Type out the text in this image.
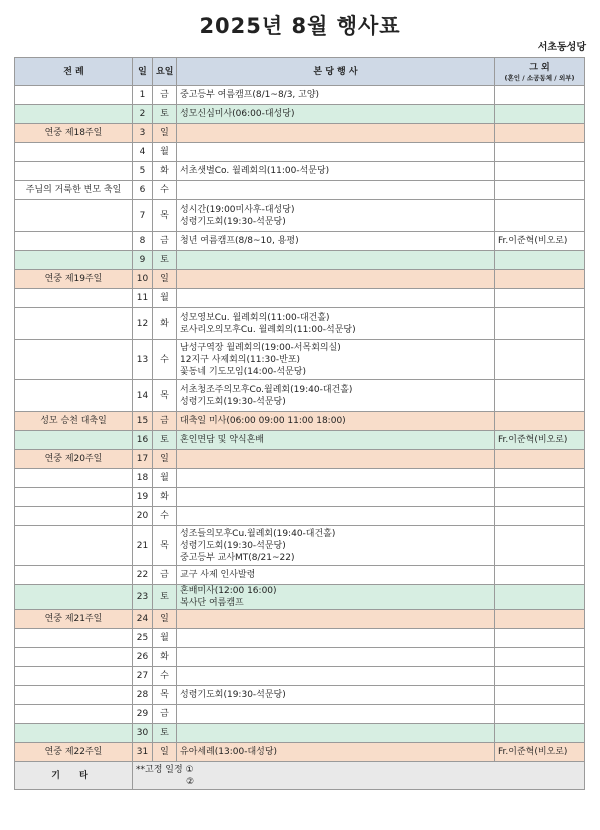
2025년 8월 행사표
서초동성당
전 례	일	요일	본 당 행 사	그 외
(혼인 / 소공동체 / 외부)

	1	금	중고등부 여름캠프(8/1~8/3, 고양)	

	2	토	성모신심미사(06:00-대성당)	

연중 제18주일	3	일		
	4	월		
	5	화	서초샛별Co. 월례회의(11:00-석문당)	

주님의 거룩한 변모 축일	6	수		
	7	목	성시간(19:00미사후-대성당)
성령기도회(19:30-석문당)	

	8	금	청년 여름캠프(8/8~10, 용평)	Fr.이준혁(비오로)
	9	토		
연중 제19주일	10	일		
	11	월		
	12	화	성모영보Cu. 월례회의(11:00-대건홀)
로사리오의모후Cu. 월례회의(11:00-석문당)	

	13	수	남성구역장 월례회의(19:00-서목회의실)
12지구 사제회의(11:30-반포)
꽃동네 기도모임(14:00-석문당)	

	14	목	서초청조주의모후Co.월례회(19:40-대건홀)
성령기도회(19:30-석문당)	

성모 승천 대축일	15	금	대축일 미사(06:00 09:00 11:00 18:00)	

	16	토	혼인면담 및 약식혼배	Fr.이준혁(비오로)
연중 제20주일	17	일		
	18	월		
	19	화		
	20	수		
	21	목	성조들의모후Cu.월례회(19:40-대건홀)
성령기도회(19:30-석문당)
중고등부 교사MT(8/21~22)	

	22	금	교구 사제 인사발령	

	23	토	혼배미사(12:00 16:00)
복사단 여름캠프	

연중 제21주일	24	일		
	25	월		
	26	화		
	27	수		
	28	목	성령기도회(19:30-석문당)	

	29	금		
	30	토		
연중 제22주일	31	일	유아세례(13:00-대성당)	Fr.이준혁(비오로)
기 타	**고정 일정 ①
②			
